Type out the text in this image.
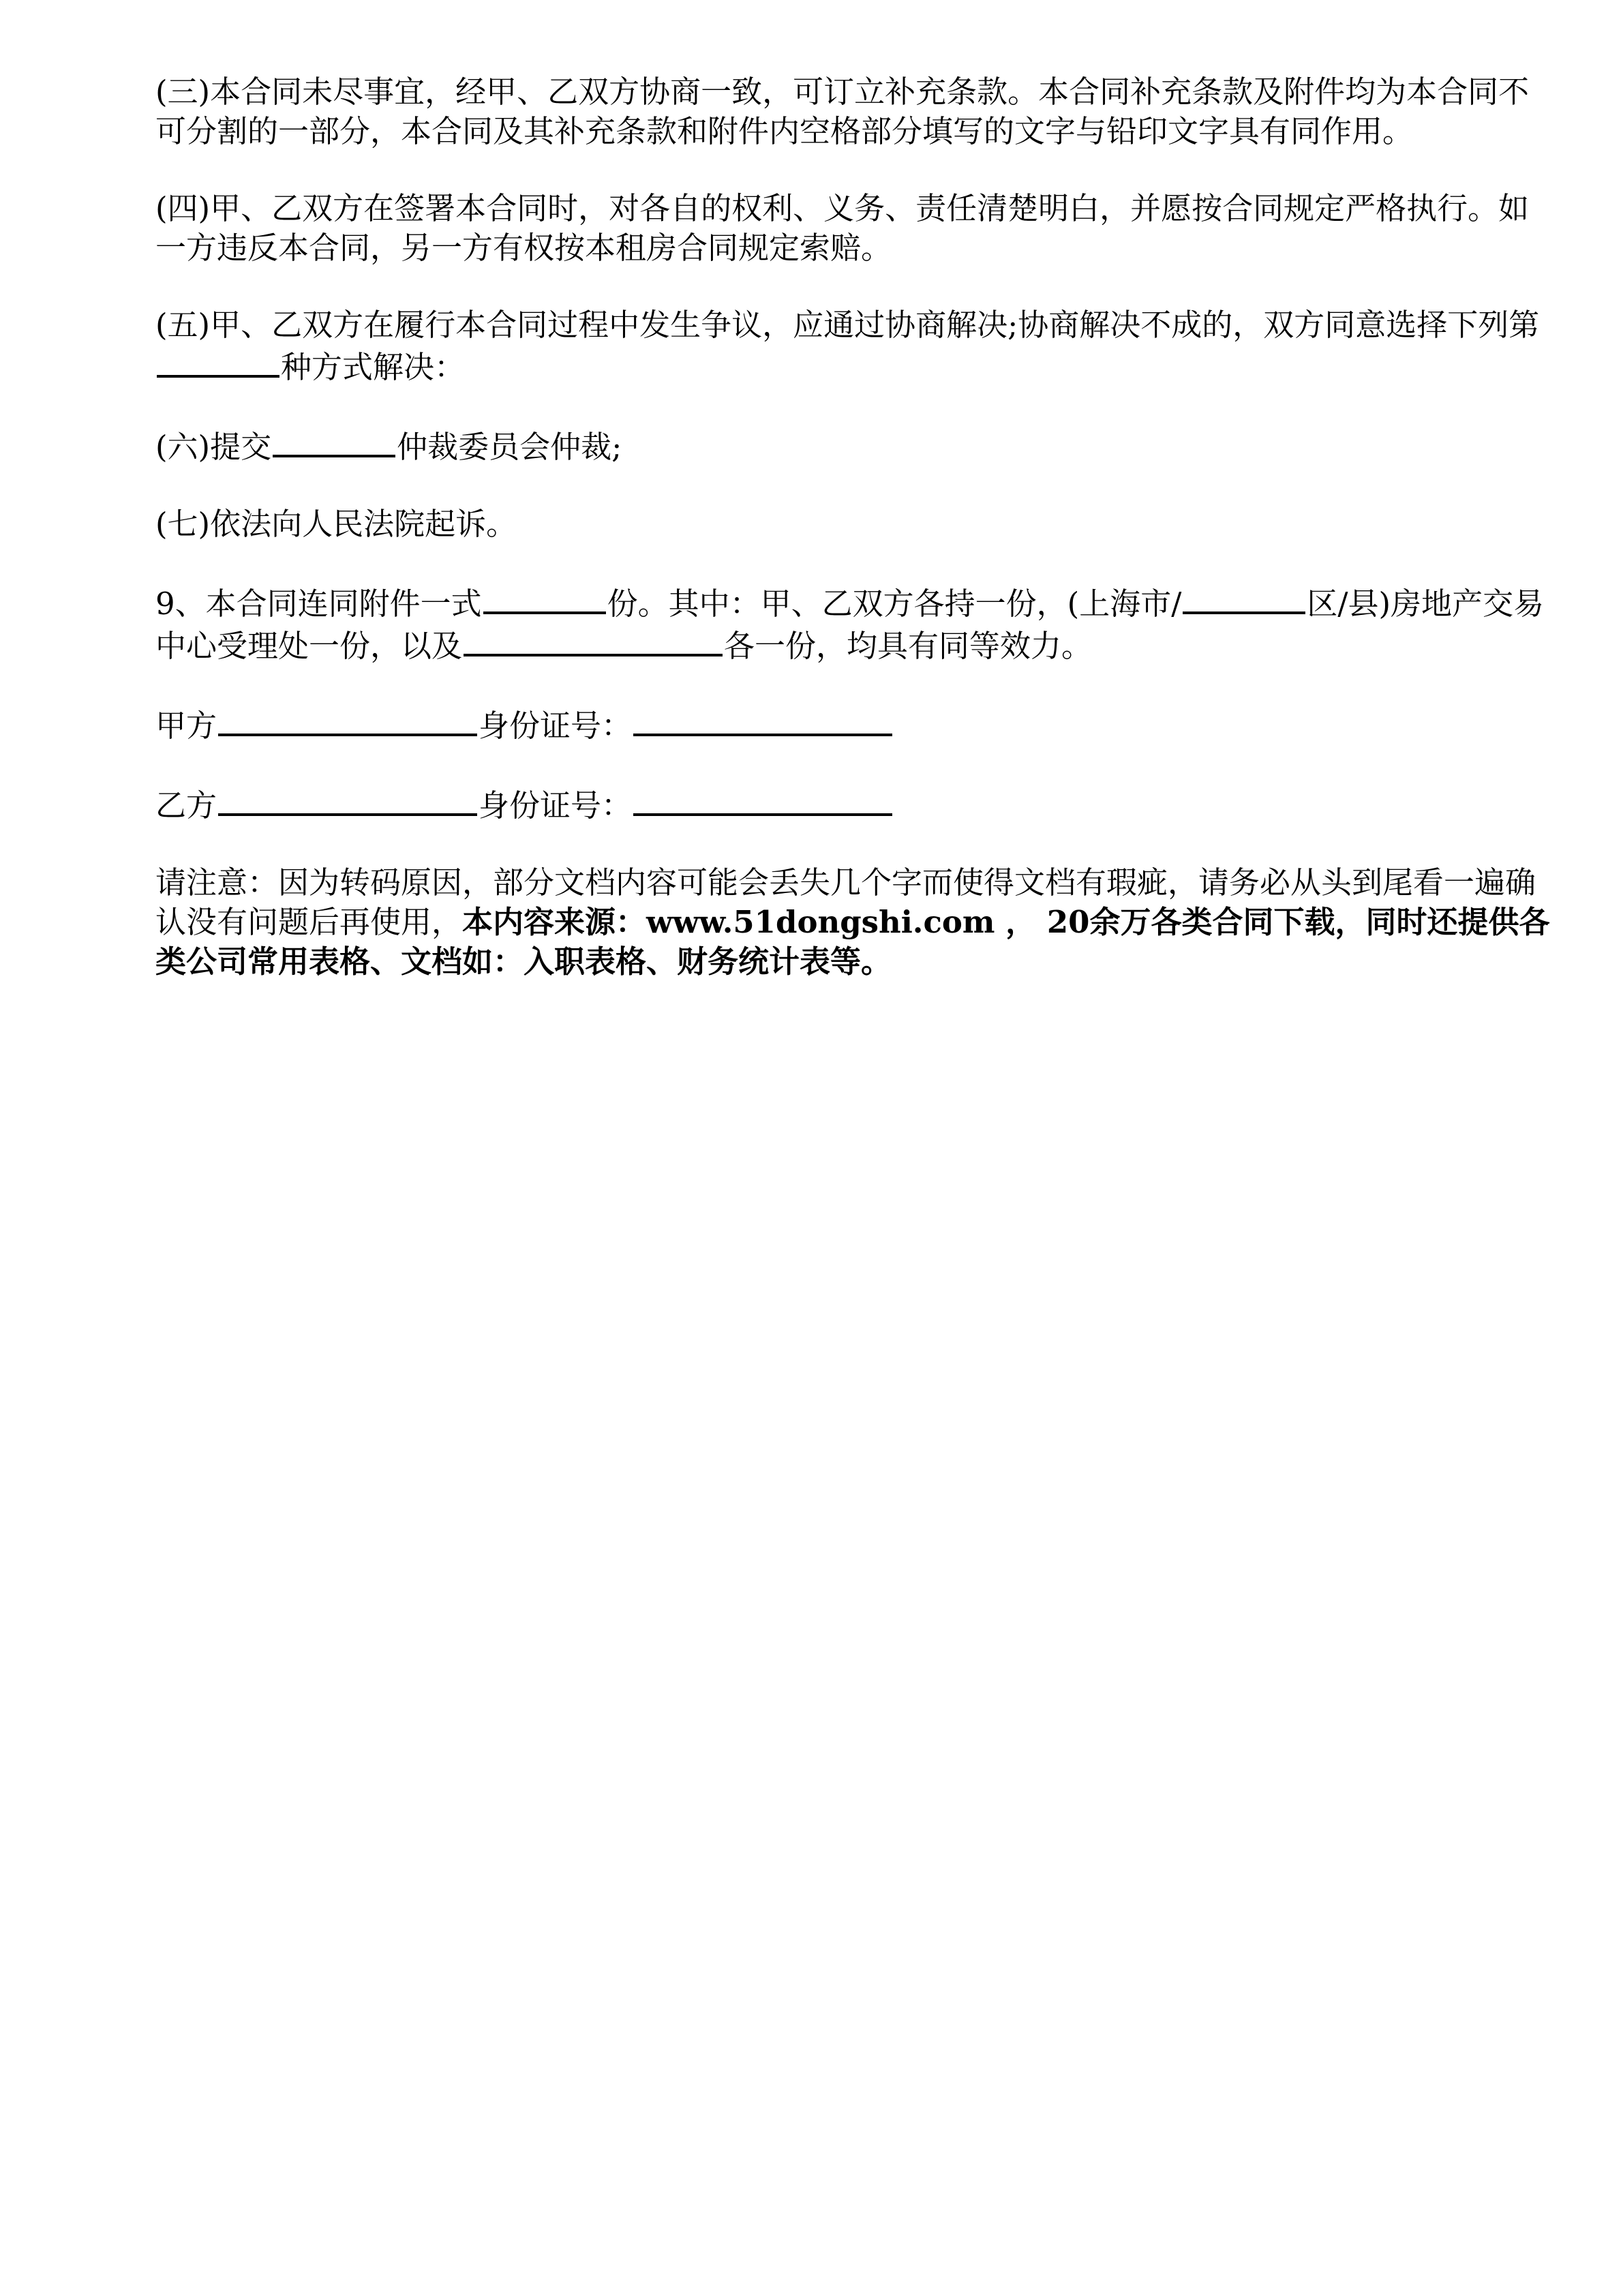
(三)本合同未尽事宜，经甲、乙双方协商一致，可订立补充条款。本合同补充条款及附件均为本合同不可分割的一部分，本合同及其补充条款和附件内空格部分填写的文字与铅印文字具有同作用。

(四)甲、乙双方在签署本合同时，对各自的权利、义务、责任清楚明白，并愿按合同规定严格执行。如一方违反本合同，另一方有权按本租房合同规定索赔。

(五)甲、乙双方在履行本合同过程中发生争议，应通过协商解决;协商解决不成的，双方同意选择下列第种方式解决：

(六)提交	仲裁委员会仲裁;

(七)依法向人民法院起诉。

9、本合同连同附件一式	份。其中：甲、乙双方各持一份，(上海市/	区/县)房地产交易中心受理处一份，以及	各一份，均具有同等效力。

甲方	身份证号：

乙方	身份证号：

请注意：因为转码原因，部分文档内容可能会丢失几个字而使得文档有瑕疵，请务必从头到尾看一遍确认没有问题后再使用，本内容来源：www.51dongshi.com ， 20余万各类合同下载，同时还提供各类公司常用表格、文档如：入职表格、财务统计表等。
